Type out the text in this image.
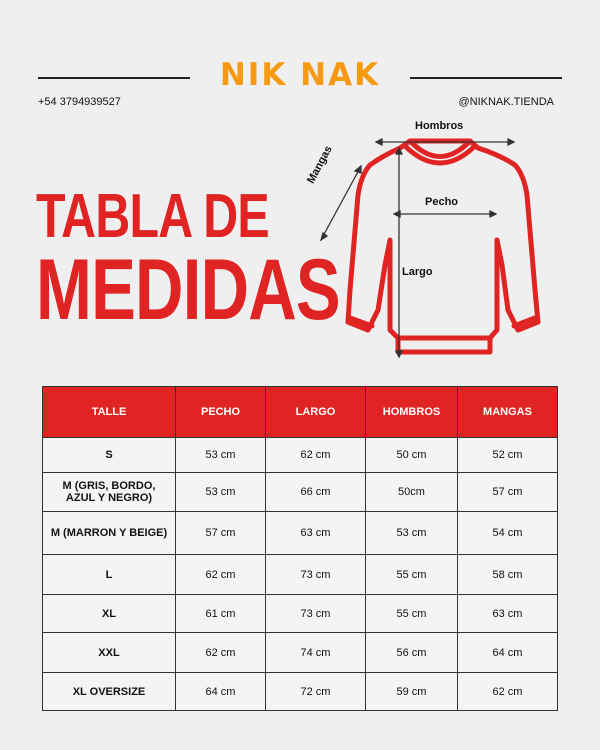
NIK NAK
+54 3794939527	@NIKNAK.TIENDA
TABLA DE
MEDIDAS
Hombros
Mangas
Pecho
Largo
TALLE	PECHO	LARGO	HOMBROS	MANGAS
S	53 cm	62 cm	50 cm	52 cm
M (GRIS, BORDO, AZUL Y NEGRO)	53 cm	66 cm	50cm	57 cm
M (MARRON Y BEIGE)	57 cm	63 cm	53 cm	54 cm
L	62 cm	73 cm	55 cm	58 cm
XL	61 cm	73 cm	55 cm	63 cm
XXL	62 cm	74 cm	56 cm	64 cm
XL OVERSIZE	64 cm	72 cm	59 cm	62 cm
